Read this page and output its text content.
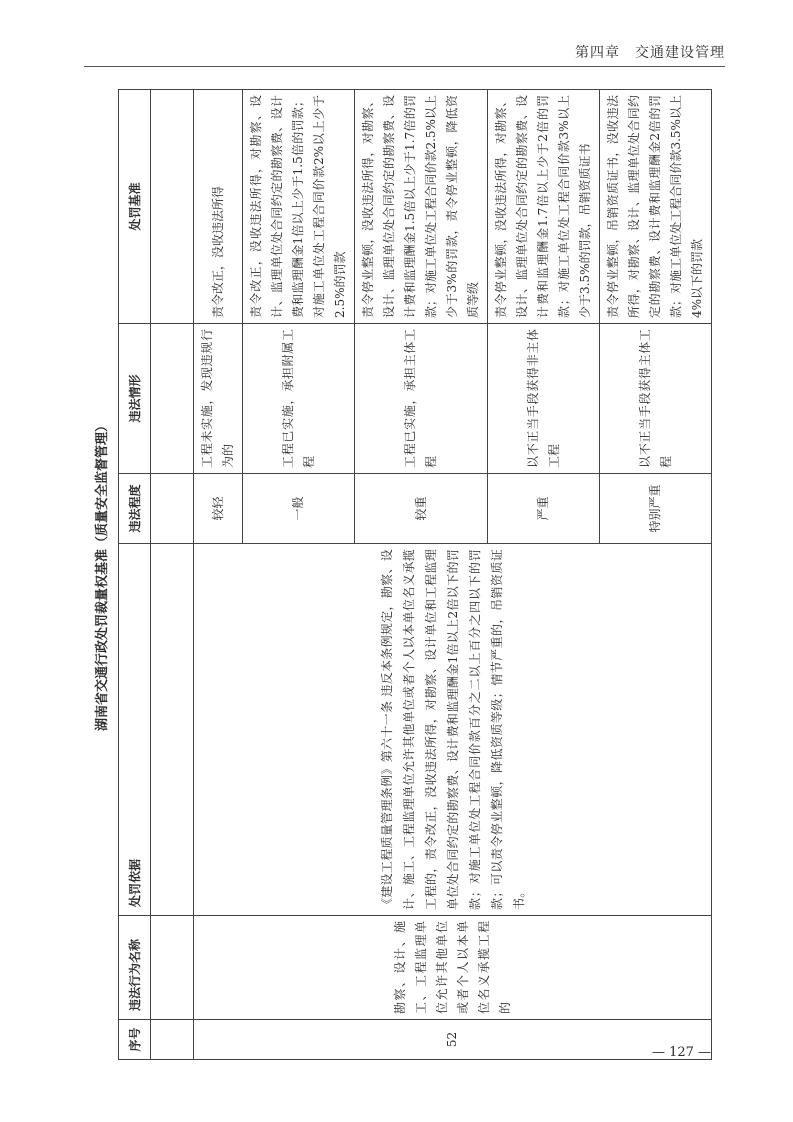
第四章　交通建设管理
湖南省交通行政处罚裁量权基准（质量安全监督管理）
序号	违法行为名称	处罚依据	违法程度	违法情形	处罚基准

52	勘察、设计、施工、工程监理单位允许其他单位或者个人以本单位名义承揽工程的	《建设工程质量管理条例》第六十一条 违反本条例规定，勘察、设计、施工、工程监理单位允许其他单位或者个人以本单位名义承揽工程的，责令改正，没收违法所得，对勘察、设计单位和工程监理单位处合同约定的勘察费、设计费和监理酬金1倍以上2倍以下的罚款；对施工单位处工程合同价款百分之二以上百分之四以下的罚款；可以责令停业整顿，降低资质等级；情节严重的，吊销资质证书。	较轻	工程未实施，发现违规行为的	责令改正，没收违法所得
			一般	工程已实施，承担附属工程	责令改正，没收违法所得，对勘察、设计、监理单位处合同约定的勘察费、设计费和监理酬金1倍以上少于1.5倍的罚款；对施工单位处工程合同价款2%以上少于2.5%的罚款
			较重	工程已实施，承担主体工程	责令停业整顿，没收违法所得，对勘察、设计、监理单位处合同约定的勘察费、设计费和监理酬金1.5倍以上少于1.7倍的罚款；对施工单位处工程合同价款2.5%以上少于3%的罚款，责令停业整顿，降低资质等级
			严重	以不正当手段获得非主体工程	责令停业整顿，没收违法所得，对勘察、设计、监理单位处合同约定的勘察费、设计费和监理酬金1.7倍以上少于2倍的罚款；对施工单位处工程合同价款3%以上少于3.5%的罚款，吊销资质证书
			特别严重	以不正当手段获得主体工程	责令停业整顿，吊销资质证书，没收违法所得，对勘察、设计、监理单位处合同约定的勘察费、设计费和监理酬金2倍的罚款；对施工单位处工程合同价款3.5%以上4%以下的罚款
— 127 —
